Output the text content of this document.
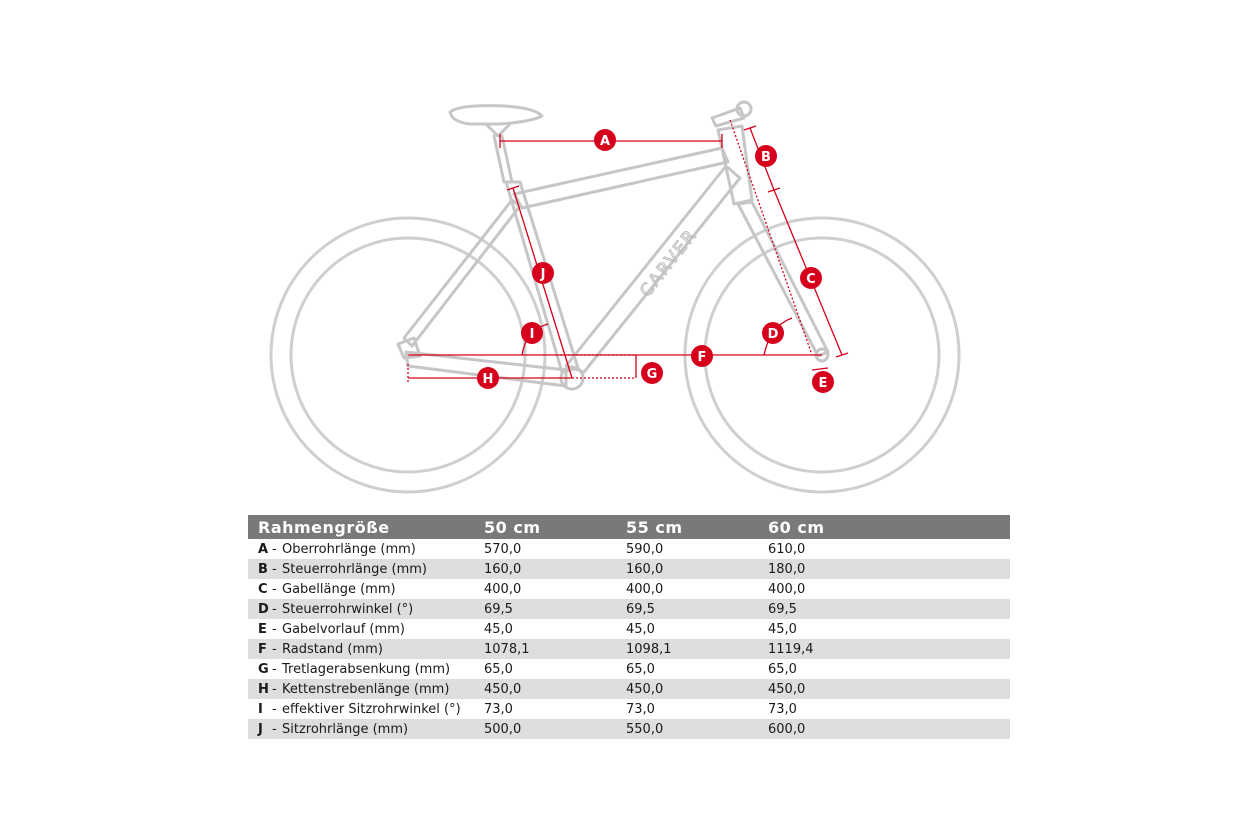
CARVER
A
B
C
D
E
F
G
H
I
J
Rahmengröße	50 cm	55 cm	60 cm
A - Oberrohrlänge (mm)	570,0	590,0	610,0
B - Steuerrohrlänge (mm)	160,0	160,0	180,0
C - Gabellänge (mm)	400,0	400,0	400,0
D - Steuerrohrwinkel (°)	69,5	69,5	69,5
E - Gabelvorlauf (mm)	45,0	45,0	45,0
F - Radstand (mm)	1078,1	1098,1	1119,4
G - Tretlagerabsenkung (mm)	65,0	65,0	65,0
H - Kettenstrebenlänge (mm)	450,0	450,0	450,0
I - effektiver Sitzrohrwinkel (°)	73,0	73,0	73,0
J - Sitzrohrlänge (mm)	500,0	550,0	600,0
